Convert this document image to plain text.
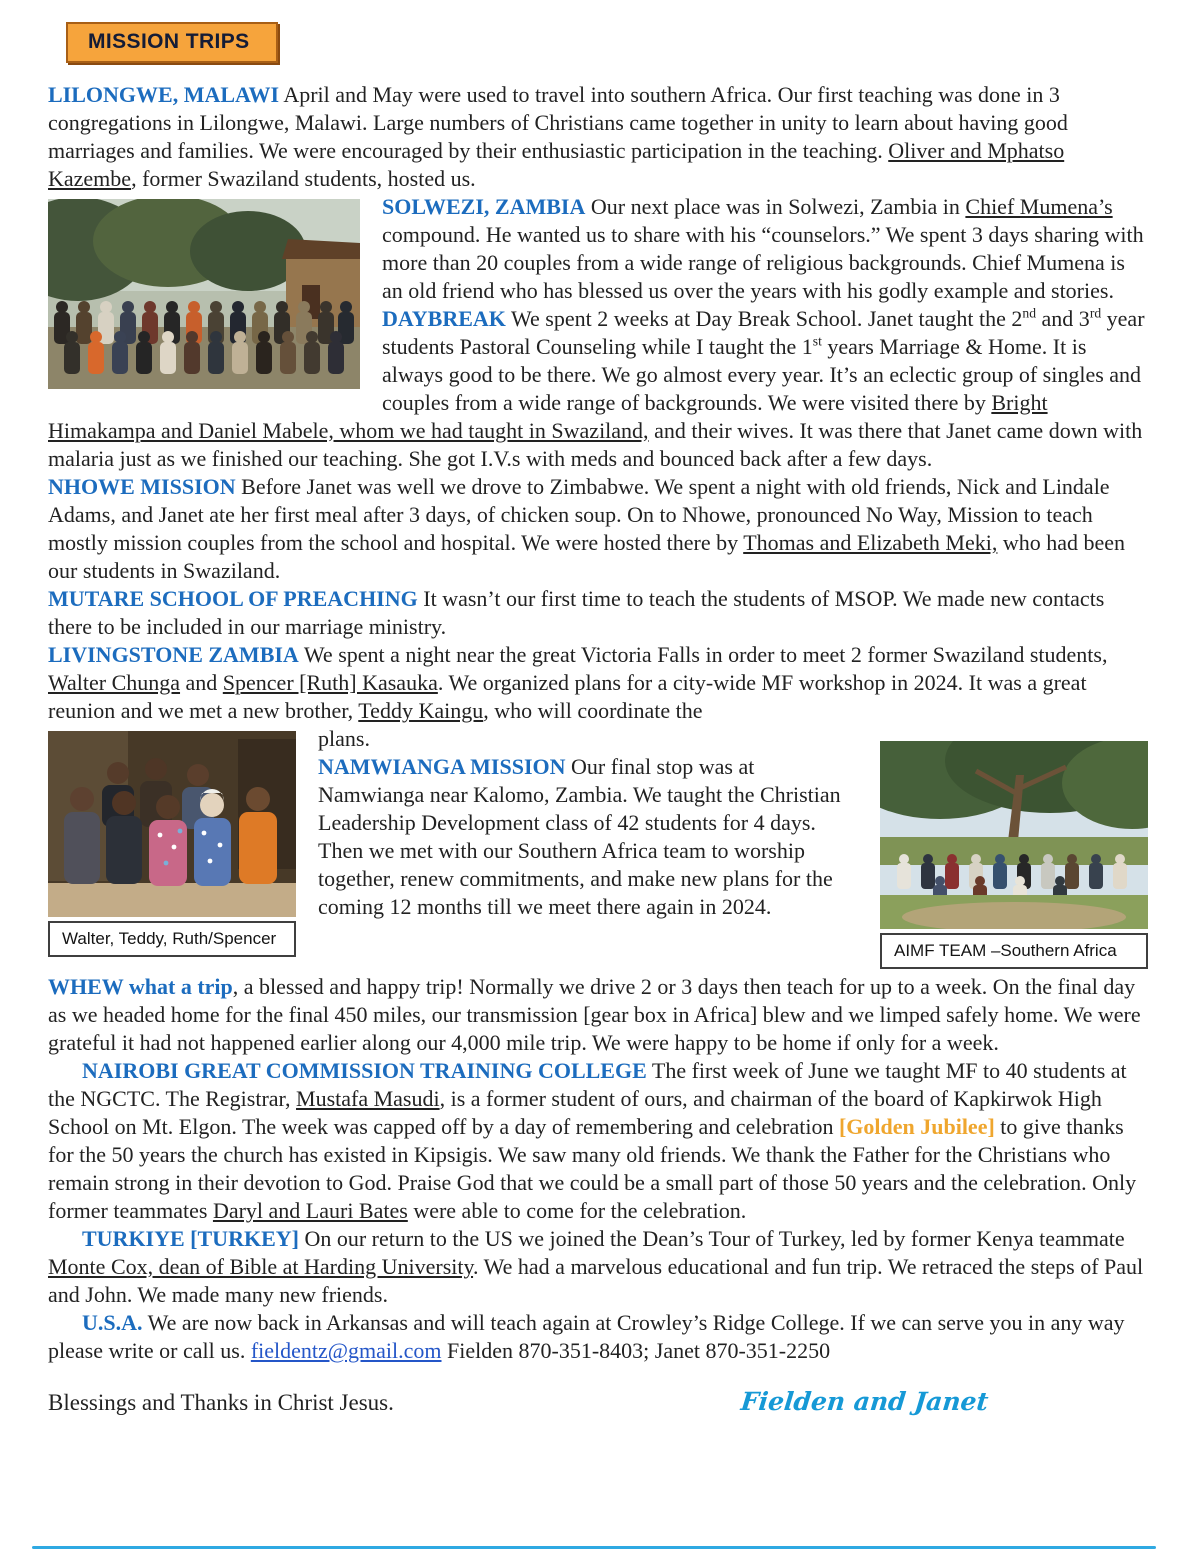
MISSION TRIPS

LILONGWE, MALAWI April and May were used to travel into southern Africa. Our first teaching was done in 3 congregations in Lilongwe, Malawi. Large numbers of Christians came together in unity to learn about having good marriages and families. We were encouraged by their enthusiastic participation in the teaching. Oliver and Mphatso Kazembe, former Swaziland students, hosted us.

SOLWEZI, ZAMBIA Our next place was in Solwezi, Zambia in Chief Mumena’s compound. He wanted us to share with his “counselors.” We spent 3 days sharing with more than 20 couples from a wide range of religious backgrounds. Chief Mumena is an old friend who has blessed us over the years with his godly example and stories.

DAYBREAK We spent 2 weeks at Day Break School. Janet taught the 2nd and 3rd year students Pastoral Counseling while I taught the 1st years Marriage & Home. It is always good to be there. We go almost every year. It’s an eclectic group of singles and couples from a wide range of backgrounds. We were visited there by Bright Himakampa and Daniel Mabele, whom we had taught in Swaziland, and their wives. It was there that Janet came down with malaria just as we finished our teaching. She got I.V.s with meds and bounced back after a few days.

NHOWE MISSION Before Janet was well we drove to Zimbabwe. We spent a night with old friends, Nick and Lindale Adams, and Janet ate her first meal after 3 days, of chicken soup. On to Nhowe, pronounced No Way, Mission to teach mostly mission couples from the school and hospital. We were hosted there by Thomas and Elizabeth Meki, who had been our students in Swaziland.

MUTARE SCHOOL OF PREACHING It wasn’t our first time to teach the students of MSOP. We made new contacts there to be included in our marriage ministry.

LIVINGSTONE ZAMBIA We spent a night near the great Victoria Falls in order to meet 2 former Swaziland students, Walter Chunga and Spencer [Ruth] Kasauka. We organized plans for a city-wide MF workshop in 2024. It was a great reunion and we met a new brother, Teddy Kaingu, who will coordinate the

Walter, Teddy, Ruth/Spencer
AIMF TEAM –Southern Africa

plans.

NAMWIANGA MISSION Our final stop was at Namwianga near Kalomo, Zambia. We taught the Christian Leadership Development class of 42 students for 4 days. Then we met with our Southern Africa team to worship together, renew commitments, and make new plans for the coming 12 months till we meet there again in 2024.

WHEW what a trip, a blessed and happy trip! Normally we drive 2 or 3 days then teach for up to a week. On the final day as we headed home for the final 450 miles, our transmission [gear box in Africa] blew and we limped safely home. We were grateful it had not happened earlier along our 4,000 mile trip. We were happy to be home if only for a week.

NAIROBI GREAT COMMISSION TRAINING COLLEGE The first week of June we taught MF to 40 students at the NGCTC. The Registrar, Mustafa Masudi, is a former student of ours, and chairman of the board of Kapkirwok High School on Mt. Elgon. The week was capped off by a day of remembering and celebration [Golden Jubilee] to give thanks for the 50 years the church has existed in Kipsigis. We saw many old friends. We thank the Father for the Christians who remain strong in their devotion to God. Praise God that we could be a small part of those 50 years and the celebration. Only former teammates Daryl and Lauri Bates were able to come for the celebration.

TURKIYE [TURKEY] On our return to the US we joined the Dean’s Tour of Turkey, led by former Kenya teammate Monte Cox, dean of Bible at Harding University. We had a marvelous educational and fun trip. We retraced the steps of Paul and John. We made many new friends.

U.S.A. We are now back in Arkansas and will teach again at Crowley’s Ridge College. If we can serve you in any way please write or call us. fieldentz@gmail.com Fielden 870-351-8403; Janet 870-351-2250

Blessings and Thanks in Christ Jesus.	Fielden and Janet
